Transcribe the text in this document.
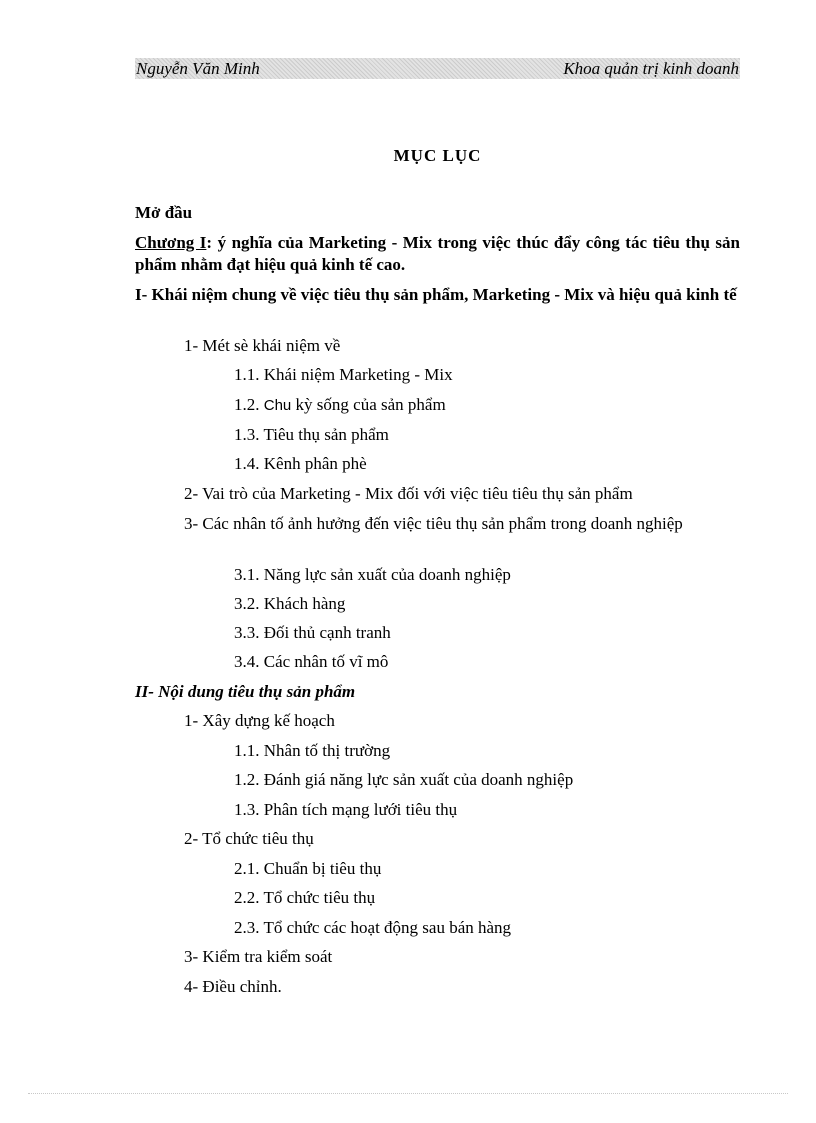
Nguyễn Văn Minh	Khoa quản trị kinh doanh
MỤC LỤC
Mở đầu
Chương I: ý nghĩa của Marketing - Mix trong việc thúc đẩy công tác tiêu thụ sản phẩm nhằm đạt hiệu quả kinh tế cao.
I- Khái niệm chung về việc tiêu thụ sản phẩm, Marketing - Mix và hiệu quả kinh tế
1- Mét sè khái niệm về
1.1. Khái niệm Marketing - Mix
1.2. Chu kỳ sống của sản phẩm
1.3. Tiêu thụ sản phẩm
1.4. Kênh phân phè
2- Vai trò của Marketing - Mix đối với việc tiêu tiêu thụ sản phẩm
3- Các nhân tố ảnh hưởng đến việc tiêu thụ sản phẩm trong doanh nghiệp
3.1. Năng lực sản xuất của doanh nghiệp
3.2. Khách hàng
3.3. Đối thủ cạnh tranh
3.4. Các nhân tố vĩ mô
II- Nội dung tiêu thụ sản phẩm
1- Xây dựng kế hoạch
1.1. Nhân tố thị trường
1.2. Đánh giá năng lực sản xuất của doanh nghiệp
1.3. Phân tích mạng lưới tiêu thụ
2- Tổ chức tiêu thụ
2.1. Chuẩn bị tiêu thụ
2.2. Tổ chức tiêu thụ
2.3. Tổ chức các hoạt động sau bán hàng
3- Kiểm tra kiểm soát
4- Điều chỉnh.
